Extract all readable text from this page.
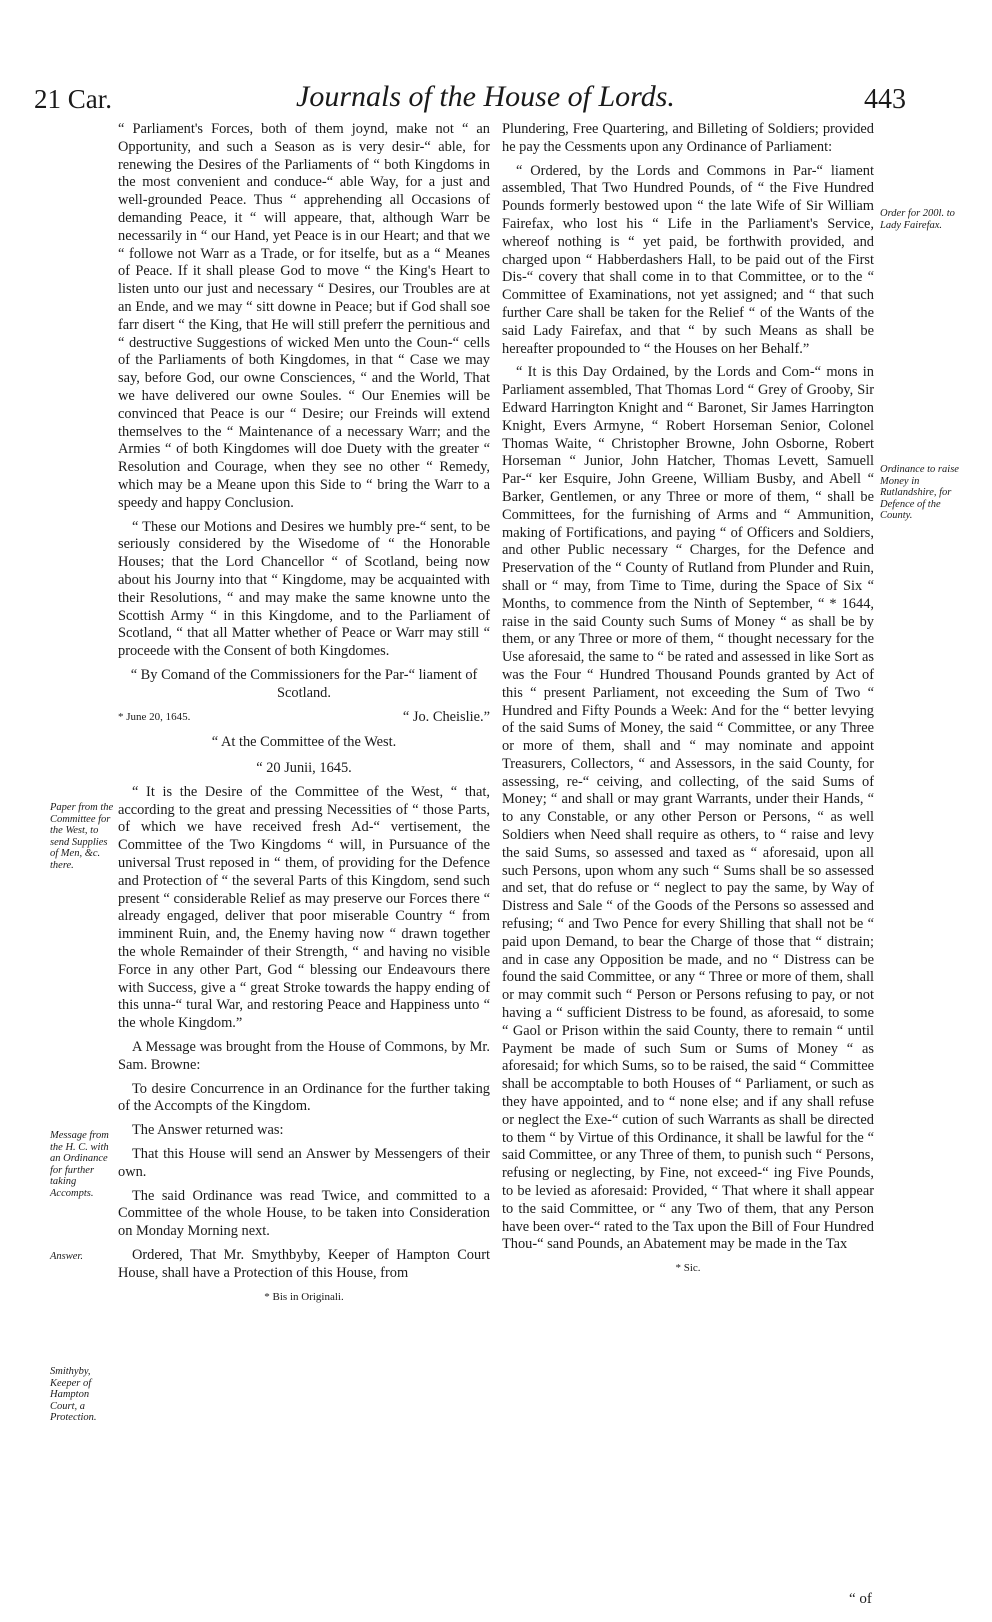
21 Car.	Journals of the House of Lords.	443

“ Parliament's Forces, both of them joynd, make not “ an Opportunity, and such a Season as is very desir-“ able, for renewing the Desires of the Parliaments of “ both Kingdoms in the most convenient and conduce-“ able Way, for a just and well-grounded Peace. Thus “ apprehending all Occasions of demanding Peace, it “ will appeare, that, although Warr be necessarily in “ our Hand, yet Peace is in our Heart; and that we “ followe not Warr as a Trade, or for itselfe, but as a “ Meanes of Peace. If it shall please God to move “ the King's Heart to listen unto our just and necessary “ Desires, our Troubles are at an Ende, and we may “ sitt downe in Peace; but if God shall soe farr disert “ the King, that He will still preferr the pernitious and “ destructive Suggestions of wicked Men unto the Coun-“ cells of the Parliaments of both Kingdomes, in that “ Case we may say, before God, our owne Consciences, “ and the World, That we have delivered our owne Soules. “ Our Enemies will be convinced that Peace is our “ Desire; our Freinds will extend themselves to the “ Maintenance of a necessary Warr; and the Armies “ of both Kingdomes will doe Duety with the greater “ Resolution and Courage, when they see no other “ Remedy, which may be a Meane upon this Side to “ bring the Warr to a speedy and happy Conclusion.

“ These our Motions and Desires we humbly pre-“ sent, to be seriously considered by the Wisedome of “ the Honorable Houses; that the Lord Chancellor “ of Scotland, being now about his Journy into that “ Kingdome, may be acquainted with their Resolutions, “ and may make the same knowne unto the Scottish Army “ in this Kingdome, and to the Parliament of Scotland, “ that all Matter whether of Peace or Warr may still “ proceede with the Consent of both Kingdomes.

“ By Comand of the Commissioners for the Par-“ liament of Scotland.

* June 20, 1645.	“ Jo. Cheislie.”

“ At the Committee of the West.

“ 20 Junii, 1645.

“ It is the Desire of the Committee of the West, “ that, according to the great and pressing Necessities of “ those Parts, of which we have received fresh Ad-“ vertisement, the Committee of the Two Kingdoms “ will, in Pursuance of the universal Trust reposed in “ them, of providing for the Defence and Protection of “ the several Parts of this Kingdom, send such present “ considerable Relief as may preserve our Forces there “ already engaged, deliver that poor miserable Country “ from imminent Ruin, and, the Enemy having now “ drawn together the whole Remainder of their Strength, “ and having no visible Force in any other Part, God “ blessing our Endeavours there with Success, give a “ great Stroke towards the happy ending of this unna-“ tural War, and restoring Peace and Happiness unto “ the whole Kingdom.”

A Message was brought from the House of Commons, by Mr. Sam. Browne:

To desire Concurrence in an Ordinance for the further taking of the Accompts of the Kingdom.

The Answer returned was:

That this House will send an Answer by Messengers of their own.

The said Ordinance was read Twice, and committed to a Committee of the whole House, to be taken into Consideration on Monday Morning next.

Ordered, That Mr. Smythbyby, Keeper of Hampton Court House, shall have a Protection of this House, from

* Bis in Originali.

Plundering, Free Quartering, and Billeting of Soldiers; provided he pay the Cessments upon any Ordinance of Parliament:

“ Ordered, by the Lords and Commons in Par-“ liament assembled, That Two Hundred Pounds, of “ the Five Hundred Pounds formerly bestowed upon “ the late Wife of Sir William Fairefax, who lost his “ Life in the Parliament's Service, whereof nothing is “ yet paid, be forthwith provided, and charged upon “ Habberdashers Hall, to be paid out of the First Dis-“ covery that shall come in to that Committee, or to the “ Committee of Examinations, not yet assigned; and “ that such further Care shall be taken for the Relief “ of the Wants of the said Lady Fairefax, and that “ by such Means as shall be hereafter propounded to “ the Houses on her Behalf.”

“ It is this Day Ordained, by the Lords and Com-“ mons in Parliament assembled, That Thomas Lord “ Grey of Grooby, Sir Edward Harrington Knight and “ Baronet, Sir James Harrington Knight, Evers Armyne, “ Robert Horseman Senior, Colonel Thomas Waite, “ Christopher Browne, John Osborne, Robert Horseman “ Junior, John Hatcher, Thomas Levett, Samuell Par-“ ker Esquire, John Greene, William Busby, and Abell “ Barker, Gentlemen, or any Three or more of them, “ shall be Committees, for the furnishing of Arms and “ Ammunition, making of Fortifications, and paying “ of Officers and Soldiers, and other Public necessary “ Charges, for the Defence and Preservation of the “ County of Rutland from Plunder and Ruin, shall or “ may, from Time to Time, during the Space of Six “ Months, to commence from the Ninth of September, “ * 1644, raise in the said County such Sums of Money “ as shall be by them, or any Three or more of them, “ thought necessary for the Use aforesaid, the same to “ be rated and assessed in like Sort as was the Four “ Hundred Thousand Pounds granted by Act of this “ present Parliament, not exceeding the Sum of Two “ Hundred and Fifty Pounds a Week: And for the “ better levying of the said Sums of Money, the said “ Committee, or any Three or more of them, shall and “ may nominate and appoint Treasurers, Collectors, “ and Assessors, in the said County, for assessing, re-“ ceiving, and collecting, of the said Sums of Money; “ and shall or may grant Warrants, under their Hands, “ to any Constable, or any other Person or Persons, “ as well Soldiers when Need shall require as others, to “ raise and levy the said Sums, so assessed and taxed as “ aforesaid, upon all such Persons, upon whom any such “ Sums shall be so assessed and set, that do refuse or “ neglect to pay the same, by Way of Distress and Sale “ of the Goods of the Persons so assessed and refusing; “ and Two Pence for every Shilling that shall not be “ paid upon Demand, to bear the Charge of those that “ distrain; and in case any Opposition be made, and no “ Distress can be found the said Committee, or any “ Three or more of them, shall or may commit such “ Person or Persons refusing to pay, or not having a “ sufficient Distress to be found, as aforesaid, to some “ Gaol or Prison within the said County, there to remain “ until Payment be made of such Sum or Sums of Money “ as aforesaid; for which Sums, so to be raised, the said “ Committee shall be accomptable to both Houses of “ Parliament, or such as they have appointed, and to “ none else; and if any shall refuse or neglect the Exe-“ cution of such Warrants as shall be directed to them “ by Virtue of this Ordinance, it shall be lawful for the “ said Committee, or any Three of them, to punish such “ Persons, refusing or neglecting, by Fine, not exceed-“ ing Five Pounds, to be levied as aforesaid: Provided, “ That where it shall appear to the said Committee, or “ any Two of them, that any Person have been over-“ rated to the Tax upon the Bill of Four Hundred Thou-“ sand Pounds, an Abatement may be made in the Tax

* Sic.

“ of
Paper from the Committee for the West, to send Supplies of Men, &c. there.
Message from the H. C. with an Ordinance for further taking Accompts.
Answer.
Smithyby, Keeper of Hampton Court, a Protection.
Order for 200l. to Lady Fairefax.
Ordinance to raise Money in Rutlandshire, for Defence of the County.
